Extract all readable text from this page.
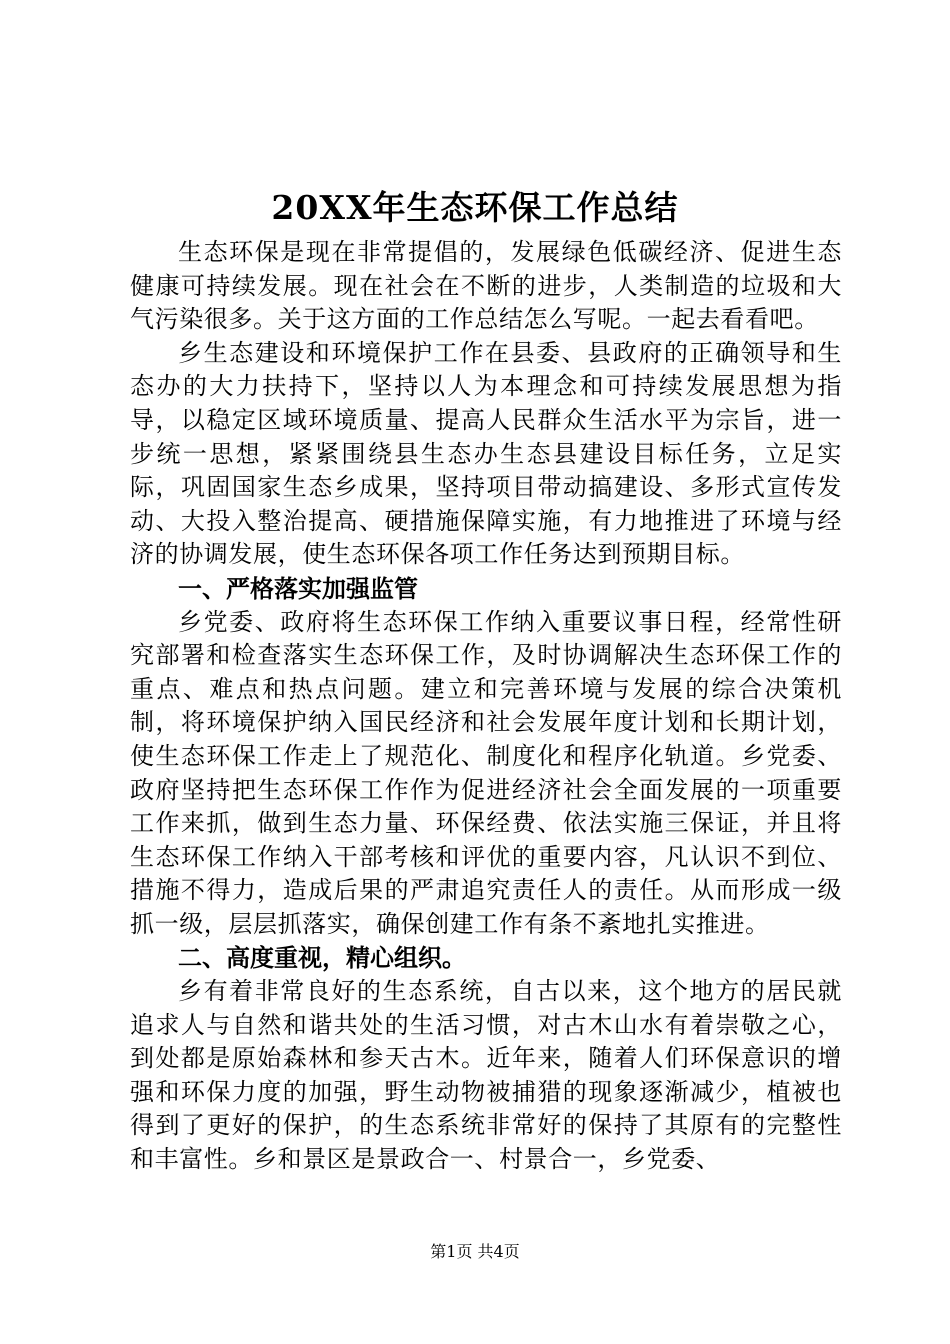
20XX年生态环保工作总结

生态环保是现在非常提倡的，发展绿色低碳经济、促进生态健康可持续发展。现在社会在不断的进步，人类制造的垃圾和大气污染很多。关于这方面的工作总结怎么写呢。一起去看看吧。

乡生态建设和环境保护工作在县委、县政府的正确领导和生态办的大力扶持下，坚持以人为本理念和可持续发展思想为指导，以稳定区域环境质量、提高人民群众生活水平为宗旨，进一步统一思想，紧紧围绕县生态办生态县建设目标任务，立足实际，巩固国家生态乡成果，坚持项目带动搞建设、多形式宣传发动、大投入整治提高、硬措施保障实施，有力地推进了环境与经济的协调发展，使生态环保各项工作任务达到预期目标。

一、严格落实加强监管

乡党委、政府将生态环保工作纳入重要议事日程，经常性研究部署和检查落实生态环保工作，及时协调解决生态环保工作的重点、难点和热点问题。建立和完善环境与发展的综合决策机制，将环境保护纳入国民经济和社会发展年度计划和长期计划，使生态环保工作走上了规范化、制度化和程序化轨道。乡党委、政府坚持把生态环保工作作为促进经济社会全面发展的一项重要工作来抓，做到生态力量、环保经费、依法实施三保证，并且将生态环保工作纳入干部考核和评优的重要内容，凡认识不到位、措施不得力，造成后果的严肃追究责任人的责任。从而形成一级抓一级，层层抓落实，确保创建工作有条不紊地扎实推进。

二、高度重视，精心组织。

乡有着非常良好的生态系统，自古以来，这个地方的居民就追求人与自然和谐共处的生活习惯，对古木山水有着崇敬之心，到处都是原始森林和参天古木。近年来，随着人们环保意识的增强和环保力度的加强，野生动物被捕猎的现象逐渐减少，植被也得到了更好的保护，的生态系统非常好的保持了其原有的完整性和丰富性。乡和景区是景政合一、村景合一，乡党委、

第1页 共4页
